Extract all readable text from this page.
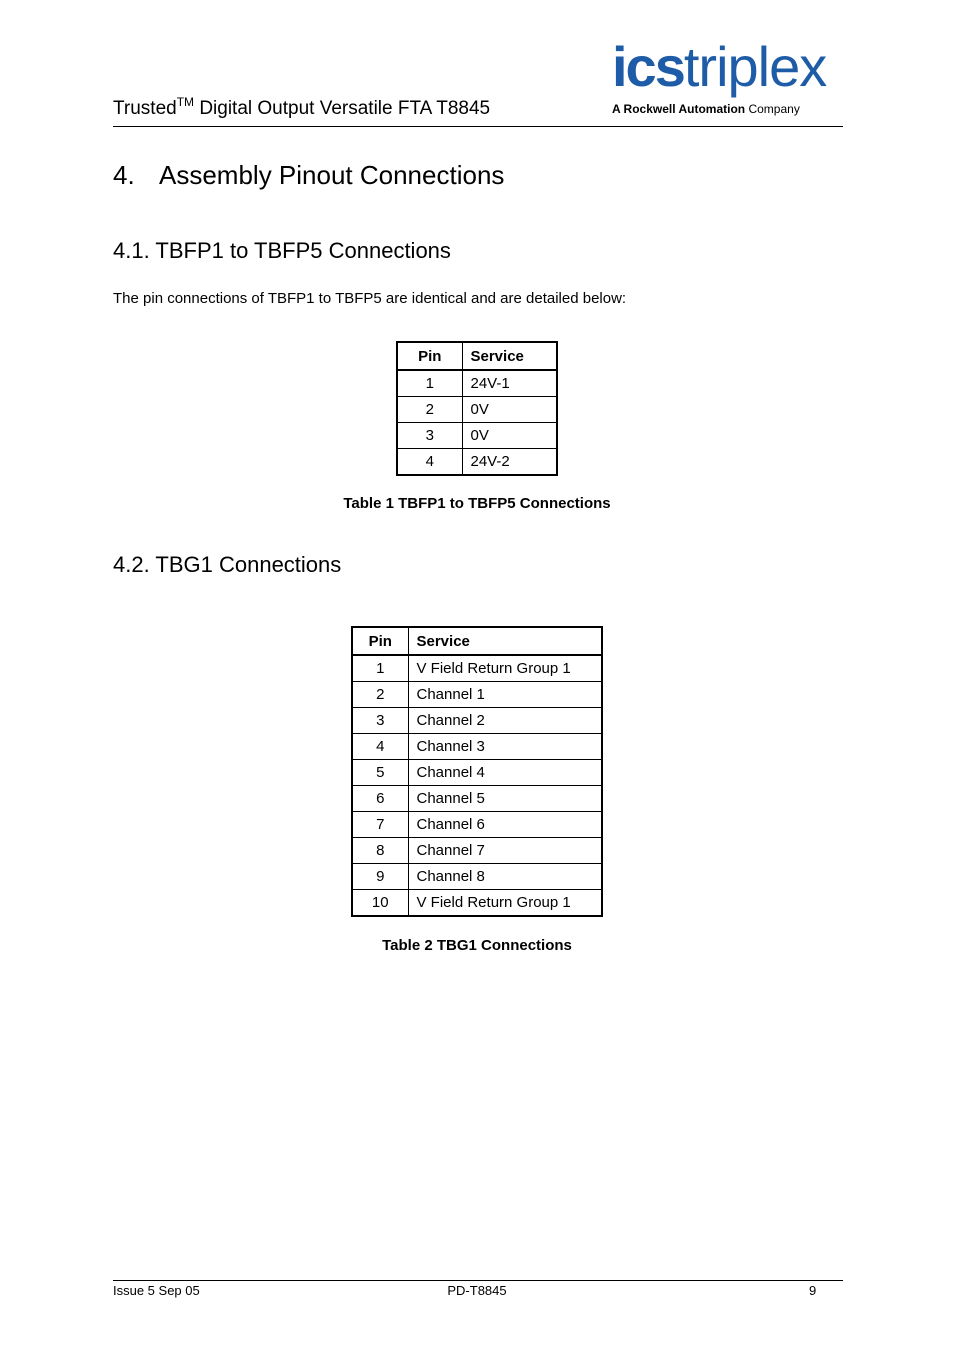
Trusted™ Digital Output Versatile FTA T8845
icstriplex
A Rockwell Automation Company
4. Assembly Pinout Connections
4.1. TBFP1 to TBFP5 Connections
The pin connections of TBFP1 to TBFP5 are identical and are detailed below:
Pin	Service
1	24V-1
2	0V
3	0V
4	24V-2
Table 1 TBFP1 to TBFP5 Connections
4.2. TBG1 Connections
Pin	Service
1	V Field Return Group 1
2	Channel 1
3	Channel 2
4	Channel 3
5	Channel 4
6	Channel 5
7	Channel 6
8	Channel 7
9	Channel 8
10	V Field Return Group 1
Table 2 TBG1 Connections
Issue 5 Sep 05	PD-T8845	9
